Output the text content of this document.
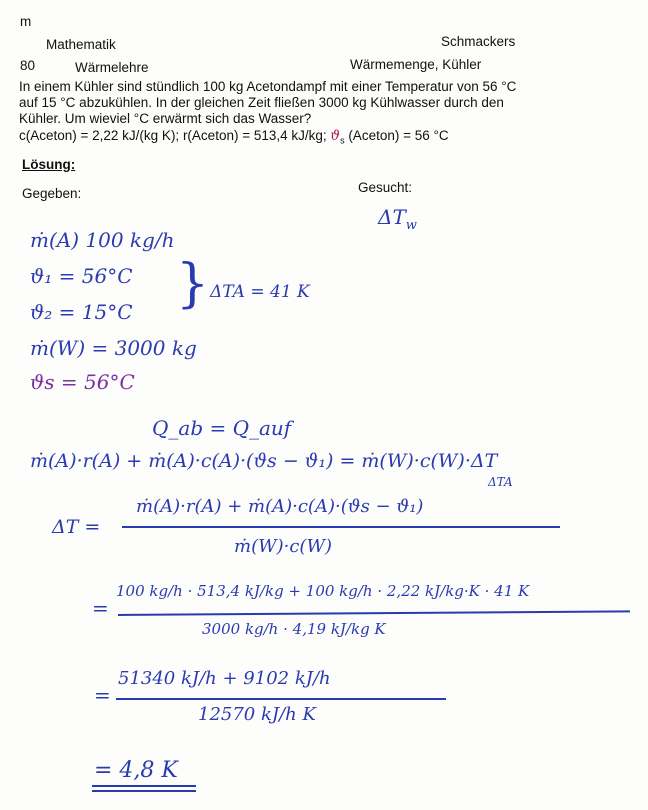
m
Mathematik	Schmackers
80	Wärmelehre	Wärmemenge, Kühler
In einem Kühler sind stündlich 100 kg Acetondampf mit einer Temperatur von 56 °C
auf 15 °C abzukühlen. In der gleichen Zeit fließen 3000 kg Kühlwasser durch den
Kühler. Um wieviel °C erwärmt sich das Wasser?
c(Aceton) = 2,22 kJ/(kg K); r(Aceton) = 513,4 kJ/kg; $ϑ_s$ (Aceton) = 56 °C
Lösung:
Gegeben:	Gesucht:
$\Delta T_w$
ṁ(A) 100 kg/h
ϑ₁ = 56°C
ϑ₂ = 15°C
ṁ(W) = 3000 kg
ϑs = 56°C
} ΔTA = 41 K
Q_ab = Q_auf
ṁ(A)·r(A) + ṁ(A)·c(A)·(ϑs − ϑ₁) = ṁ(W)·c(W)·ΔT
ΔT =
ΔTA
ṁ(A)·r(A) + ṁ(A)·c(A)·(ϑs − ϑ₁)
ṁ(W)·c(W)
=
100 kg/h · 513,4 kJ/kg + 100 kg/h · 2,22 kJ/kg·K · 41 K
3000 kg/h · 4,19 kJ/kg K
=
51340 kJ/h + 9102 kJ/h
12570 kJ/h K
= 4,8 K
